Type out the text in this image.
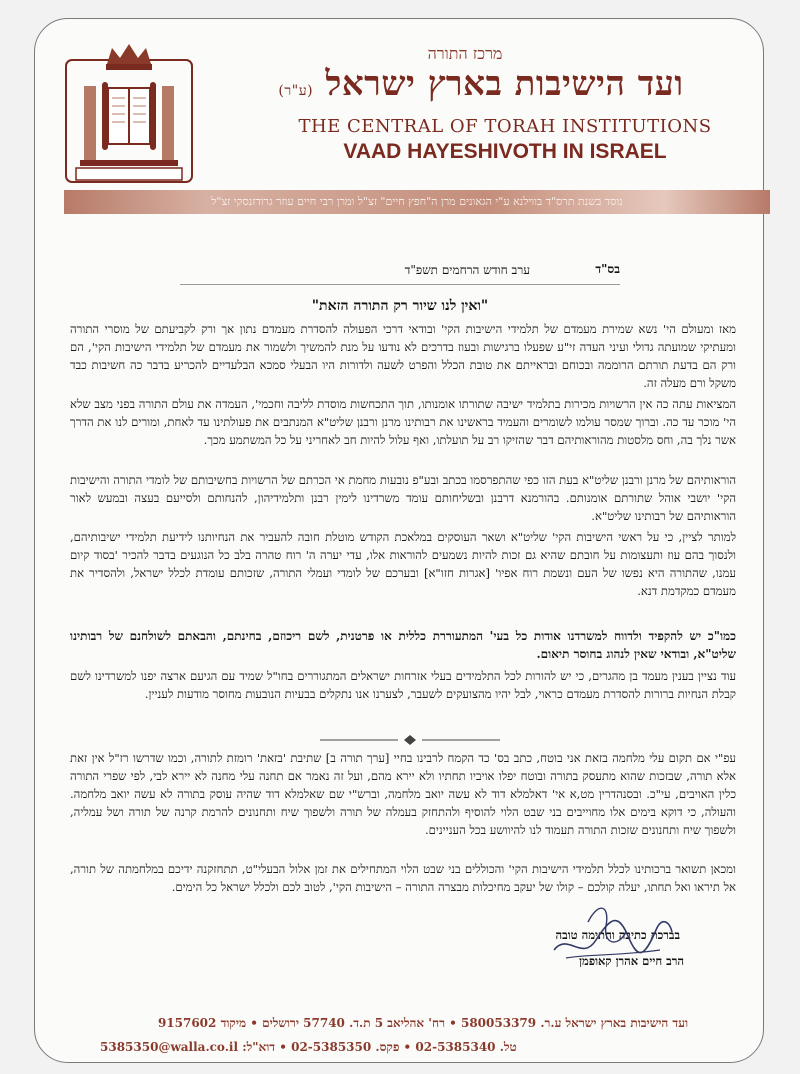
מרכז התורה
ועד הישיבות בארץ ישראל (ע"ר)
THE CENTRAL OF TORAH INSTITUTIONS
VAAD HAYESHIVOTH IN ISRAEL
נוסד בשנת תרס"ד בווילנא ע"י הגאונים מרן ה"חפץ חיים" זצ"ל ומרן רבי חיים עוזר גרודזנסקי זצ"ל
בס"ד
ערב חודש הרחמים תשפ"ד
"ואין לנו שיור רק התורה הזאת"
מאז ומעולם הי' נשא שמירת מעמדם של תלמידי הישיבות הקי' ובודאי דרכי הפעולה להסדרת מעמדם נתון אך ורק לקביעתם של מוסרי התורה ומעתיקי שמועתה גדולי ועיני העדה זי"ע שפעלו ברגישות ובעוז בדרכים לא נודעו על מנת להמשיך ולשמור את מעמדם של תלמידי הישיבות הקי', הם ורק הם בדעת תורתם הרוממה ובכוחם ובראייתם את טובת הכלל והפרט לשעה ולדורות היו הבעלי סמכא הבלעדיים להכריע בדבר כה חשיבות כבד משקל ורם מעלה זה.
המציאות עתה כה אין הרשויות מכירות בתלמיד ישיבה שתורתו אומנותו, תוך התכחשות מוסדת לליבה וחכמי', העמדה את עולם התורה בפני מצב שלא הי' מוכר עד כה. וברוך שמסר עולמו לשומרים והעמיד בראשינו את רבותינו מרנן ורבנן שליט"א המנתבים את פעולתינו עד לאחת, ומורים לנו את הדרך אשר נלך בה, וחס מלסטות מהוראותיהם דבר שהזיקו רב על תועלתו, ואף עלול להיות חב לאחריני על כל המשתמע מכך.
הוראותיהם של מרנן ורבנן שליט"א בעת הזו כפי שהתפרסמו בכתב ובע"פ נובעות מחמת אי הכרתם של הרשויות בחשיבותם של לומדי התורה והישיבות הקי' יושבי אוהל שתורתם אומנותם. בהורמנא דרבנן ובשליחותם עומד משרדינו לימין רבנן ותלמידיהון, להנחותם ולסייעם בעצה ובמעש לאור הוראותיהם של רבותינו שליט"א.
למותר לציין, כי על ראשי הישיבות הקי' שליט"א ושאר העוסקים במלאכת הקודש מוטלת חובה להעביר את הנחיותנו לידיעת תלמידי ישיבותיהם, ולנסוך בהם עוז ותעצומות על חובתם שהיא גם זכות להיות נשמעים להוראות אלו, עדי יערה ה' רוח טהרה בלב כל הנוגעים בדבר להכיר 'בסוד קיום עמנו, שהתורה היא נפשו של העם ונשמת רוח אפיו' [אגרות חזו"א] ובערכם של לומדי ועמלי התורה, שזכותם עומדת לכלל ישראל, ולהסדיר את מעמדם כמקדמת דנא.
כמו"כ יש להקפיד ולדווח למשרדנו אודות כל בעי' המתעוררת כללית או פרטנית, לשם ריכוזם, בחינתם, והבאתם לשולחנם של רבותינו שליט"א, ובודאי שאין לנהוג בחוסר תיאום.
עוד נציין בענין מעמד בן מהגרים, כי יש להורות לכל התלמידים בעלי אזרחות ישראלים המתגוררים בחו"ל שמיד עם הגיעם ארצה יפנו למשרדינו לשם קבלת הנחיות ברורות להסדרת מעמדם כראוי, לבל יהיו מהצועקים לשעבר, לצערנו אנו נתקלים בבעיות הנובעות מחוסר מודעות לעניין.
עפ"י אם תקום עלי מלחמה בזאת אני בוטח, כתב בס' כד הקמח לרבינו בחיי [ערך תורה ב] שתיבת 'בזאת' רומזת לתורה, וכמו שדרשו רז"ל אין זאת אלא תורה, שבזכות שהוא מתעסק בתורה ובוטח יפלו אויביו תחתיו ולא יירא מהם, ועל זה נאמר אם תחנה עלי מחנה לא יירא לבי, לפי שפרי התורה כלין האויבים, עי"כ. ובסנהדרין מט,א אי' דאלמלא דוד לא עשה יואב מלחמה, וברש"י שם שאלמלא דוד שהיה עוסק בתורה לא עשה יואב מלחמה. והעולה, כי דוקא בימים אלו מחוייבים בני שבט הלוי להוסיף ולהתחזק בעמלה של תורה ולשפוך שיח ותחנונים להרמת קרנה של תורה ושל עמליה, ולשפוך שיח ותחנונים שזכות התורה תעמוד לנו להיוושע בכל העניינים.
ומכאן תשואר ברכותינו לכלל תלמידי הישיבות הקי' והכוללים בני שבט הלוי המתחילים את זמן אלול הבעלי"ט, תתחזקנה ידיכם במלחמתה של תורה, אל תיראו ואל תחתו, יעלה קולכם – קולו של יעקב מחיכלות מבצרה התורה – הישיבות הקי', לטוב לכם ולכלל ישראל כל הימים.
בברכת כתיבה וחתימה טובה
הרב חיים אהרן קאופמן
ועד הישיבות בארץ ישראל ע.ר. 580053379 • רח' אהליאב 5 ת.ד. 57740 ירושלים • מיקוד 9157602
5385350@walla.co.il טל. 02-5385340 • פקס. 02-5385350 • דוא"ל:
